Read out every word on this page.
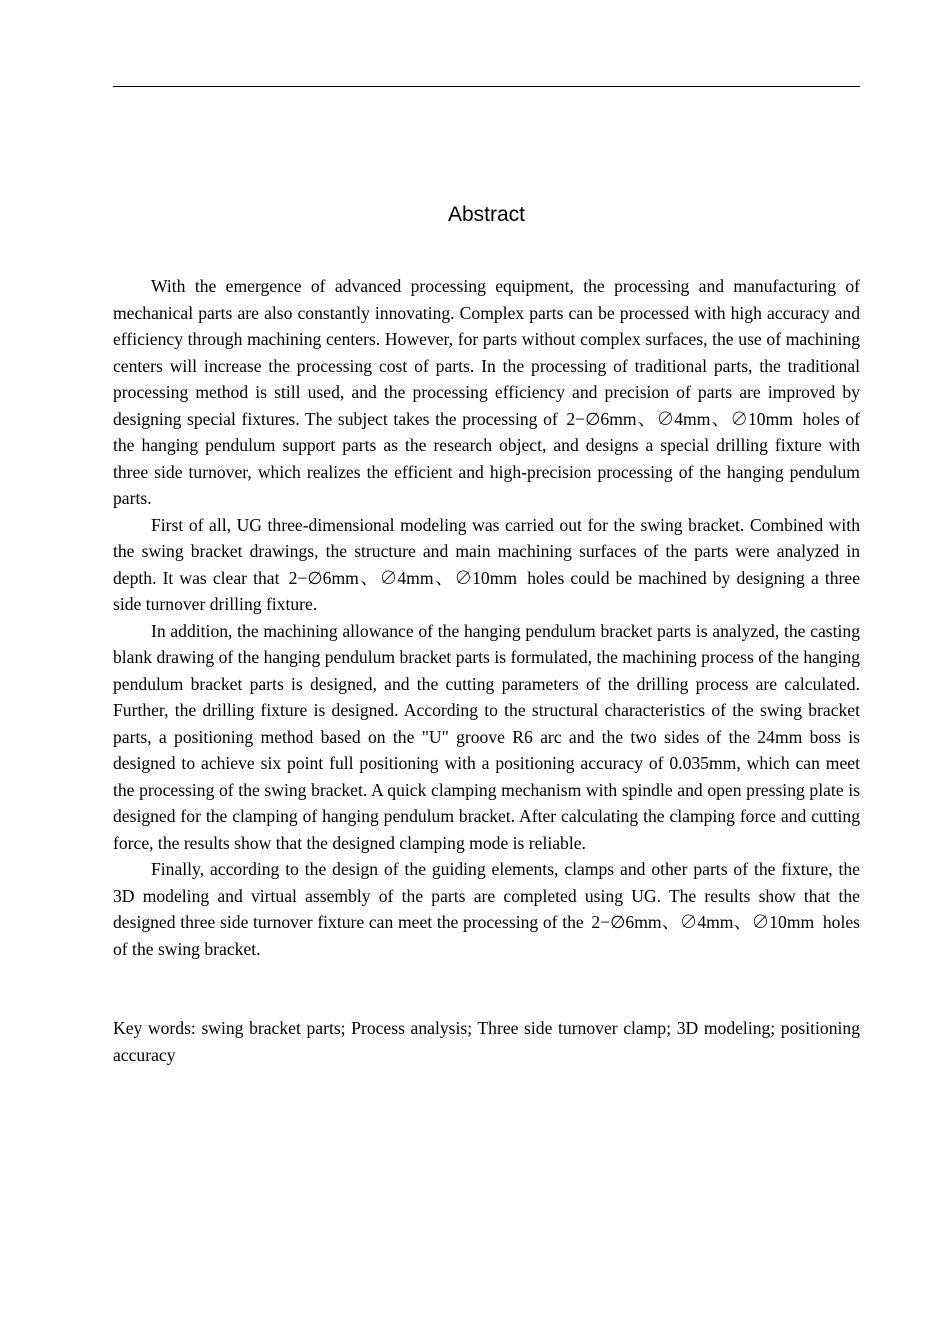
Abstract

With the emergence of advanced processing equipment, the processing and manufacturing of mechanical parts are also constantly innovating. Complex parts can be processed with high accuracy and efficiency through machining centers. However, for parts without complex surfaces, the use of machining centers will increase the processing cost of parts. In the processing of traditional parts, the traditional processing method is still used, and the processing efficiency and precision of parts are improved by designing special fixtures. The subject takes the processing of 2−∅6mm、∅4mm、∅10mm holes of the hanging pendulum support parts as the research object, and designs a special drilling fixture with three side turnover, which realizes the efficient and high-precision processing of the hanging pendulum parts.

First of all, UG three-dimensional modeling was carried out for the swing bracket. Combined with the swing bracket drawings, the structure and main machining surfaces of the parts were analyzed in depth. It was clear that 2−∅6mm、∅4mm、∅10mm holes could be machined by designing a three side turnover drilling fixture.

In addition, the machining allowance of the hanging pendulum bracket parts is analyzed, the casting blank drawing of the hanging pendulum bracket parts is formulated, the machining process of the hanging pendulum bracket parts is designed, and the cutting parameters of the drilling process are calculated. Further, the drilling fixture is designed. According to the structural characteristics of the swing bracket parts, a positioning method based on the "U" groove R6 arc and the two sides of the 24mm boss is designed to achieve six point full positioning with a positioning accuracy of 0.035mm, which can meet the processing of the swing bracket. A quick clamping mechanism with spindle and open pressing plate is designed for the clamping of hanging pendulum bracket. After calculating the clamping force and cutting force, the results show that the designed clamping mode is reliable.

Finally, according to the design of the guiding elements, clamps and other parts of the fixture, the 3D modeling and virtual assembly of the parts are completed using UG. The results show that the designed three side turnover fixture can meet the processing of the 2−∅6mm、∅4mm、∅10mm holes of the swing bracket.

Key words: swing bracket parts; Process analysis; Three side turnover clamp; 3D modeling; positioning accuracy
